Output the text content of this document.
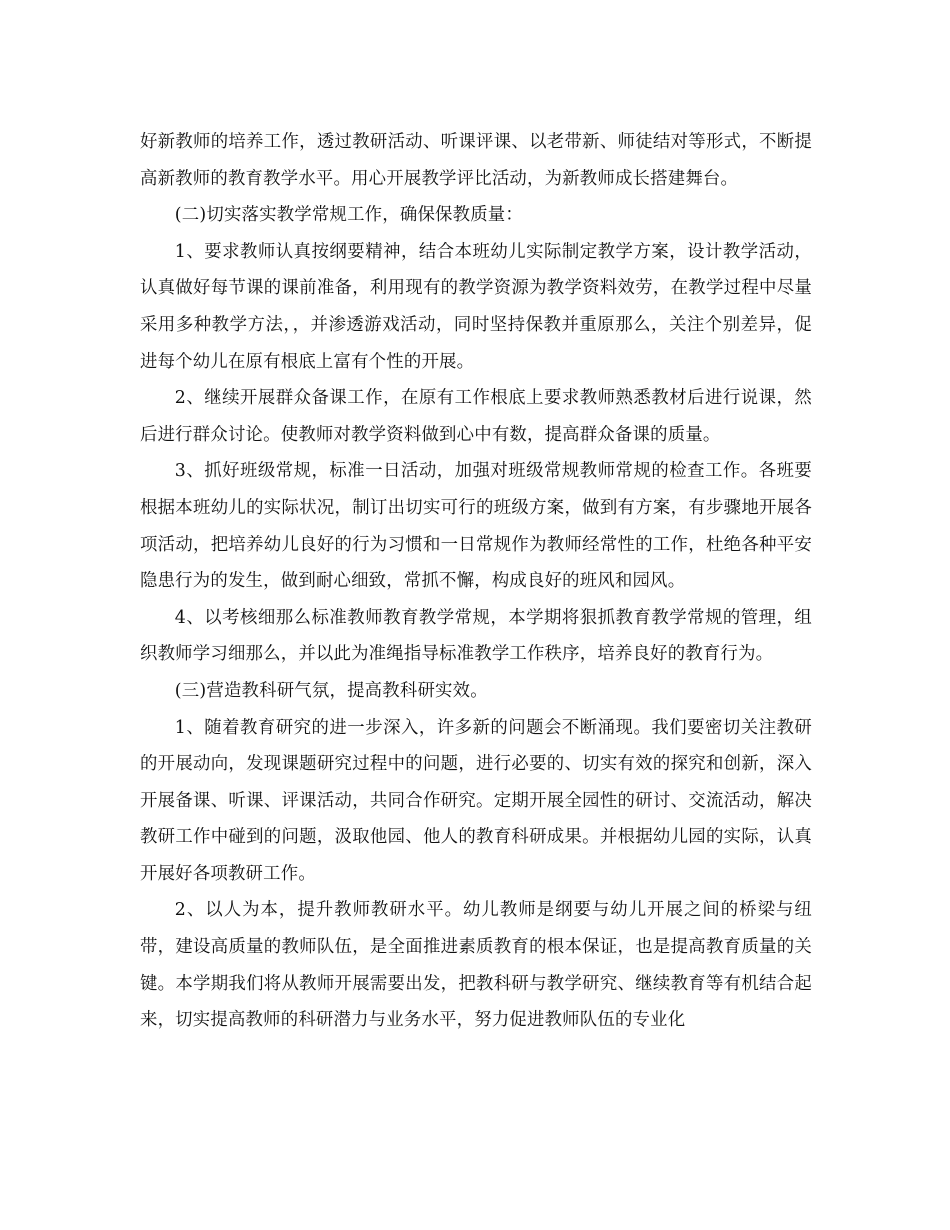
好新教师的培养工作，透过教研活动、听课评课、以老带新、师徒结对等形式，不断提高新教师的教育教学水平。用心开展教学评比活动，为新教师成长搭建舞台。

(二)切实落实教学常规工作，确保保教质量：

1、要求教师认真按纲要精神，结合本班幼儿实际制定教学方案，设计教学活动，认真做好每节课的课前准备，利用现有的教学资源为教学资料效劳，在教学过程中尽量采用多种教学方法，，并渗透游戏活动，同时坚持保教并重原那么，关注个别差异，促进每个幼儿在原有根底上富有个性的开展。

2、继续开展群众备课工作，在原有工作根底上要求教师熟悉教材后进行说课，然后进行群众讨论。使教师对教学资料做到心中有数，提高群众备课的质量。

3、抓好班级常规，标准一日活动，加强对班级常规教师常规的检查工作。各班要根据本班幼儿的实际状况，制订出切实可行的班级方案，做到有方案，有步骤地开展各项活动，把培养幼儿良好的行为习惯和一日常规作为教师经常性的工作，杜绝各种平安隐患行为的发生，做到耐心细致，常抓不懈，构成良好的班风和园风。

4、以考核细那么标准教师教育教学常规，本学期将狠抓教育教学常规的管理，组织教师学习细那么，并以此为准绳指导标准教学工作秩序，培养良好的教育行为。

(三)营造教科研气氛，提高教科研实效。

1、随着教育研究的进一步深入，许多新的问题会不断涌现。我们要密切关注教研的开展动向，发现课题研究过程中的问题，进行必要的、切实有效的探究和创新，深入开展备课、听课、评课活动，共同合作研究。定期开展全园性的研讨、交流活动，解决教研工作中碰到的问题，汲取他园、他人的教育科研成果。并根据幼儿园的实际，认真开展好各项教研工作。

2、以人为本，提升教师教研水平。幼儿教师是纲要与幼儿开展之间的桥梁与纽带，建设高质量的教师队伍，是全面推进素质教育的根本保证，也是提高教育质量的关键。本学期我们将从教师开展需要出发，把教科研与教学研究、继续教育等有机结合起来，切实提高教师的科研潜力与业务水平，努力促进教师队伍的专业化
